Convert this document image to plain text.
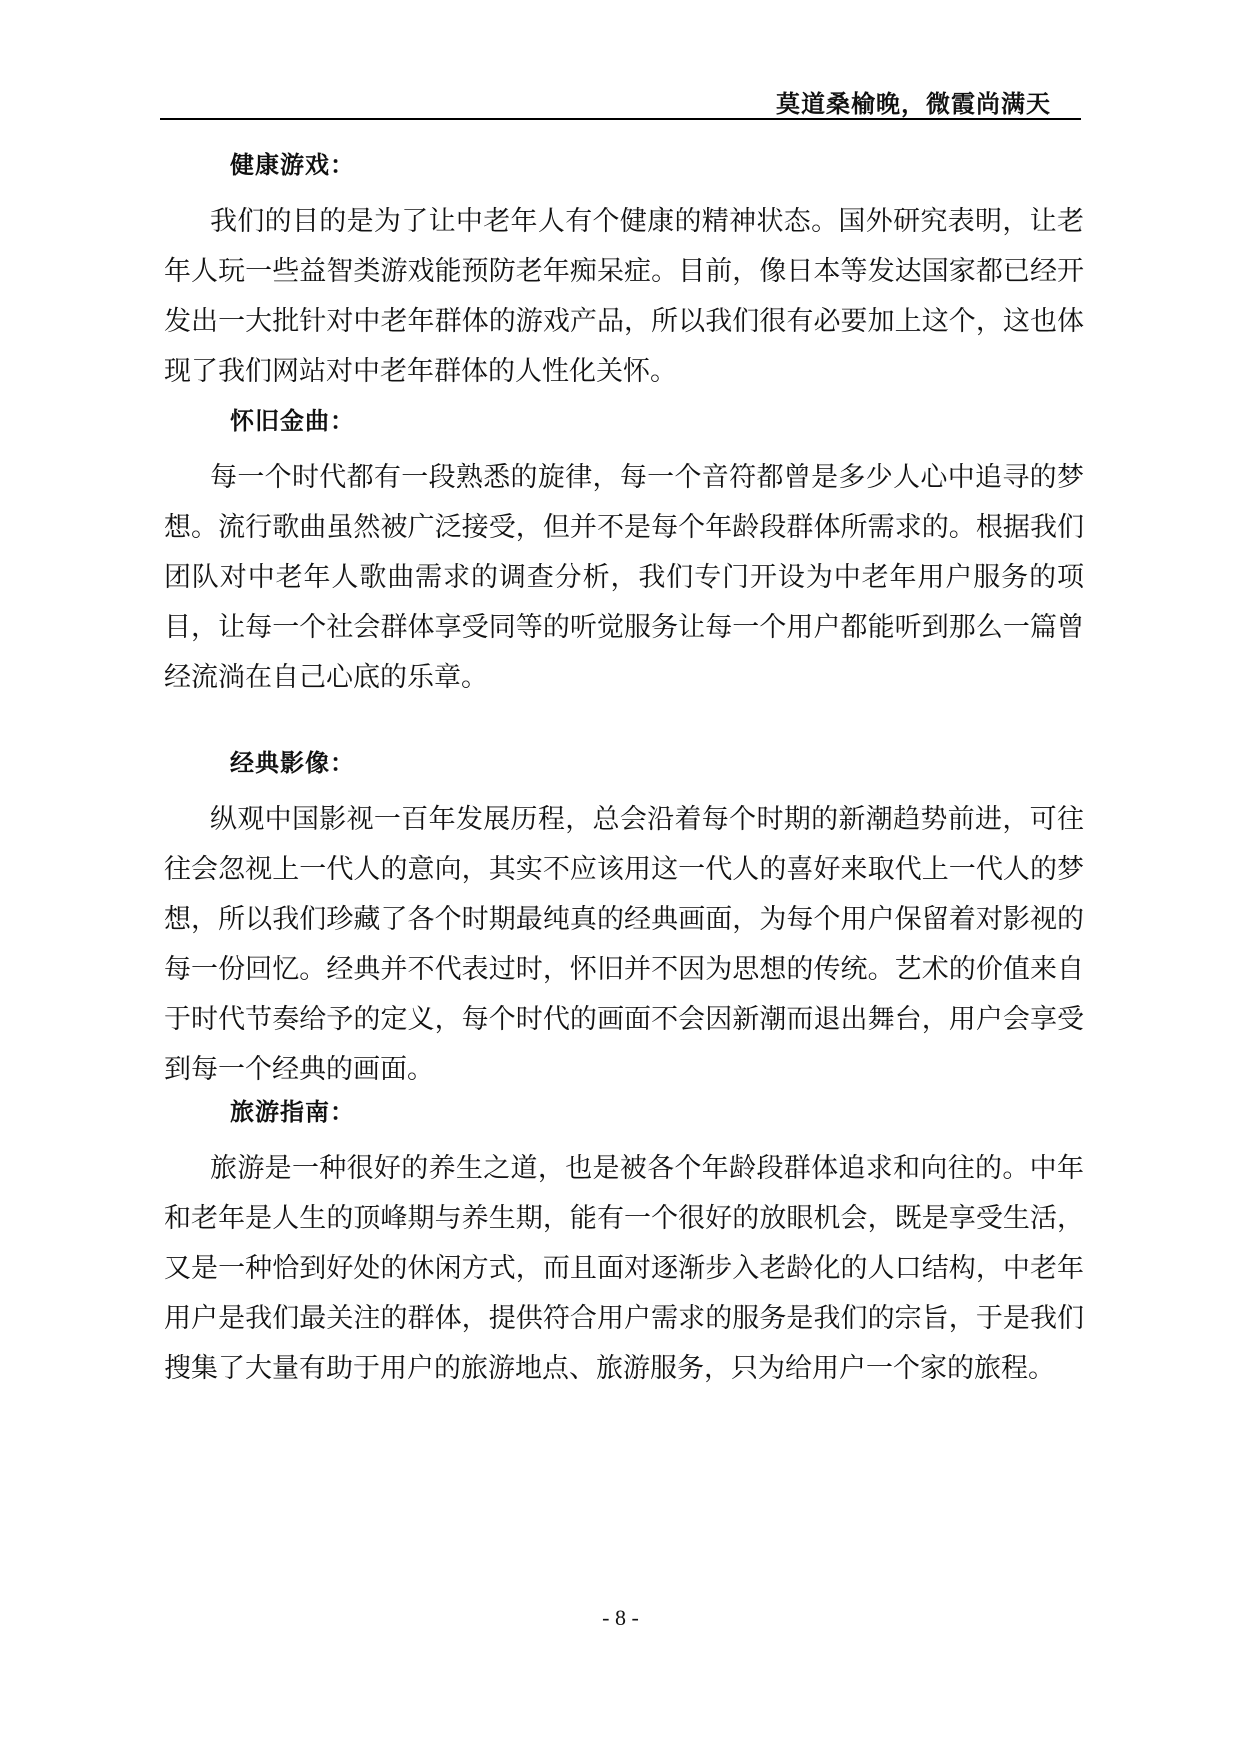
莫道桑榆晚，微霞尚满天
健康游戏：

我们的目的是为了让中老年人有个健康的精神状态。国外研究表明，让老年人玩一些益智类游戏能预防老年痴呆症。目前，像日本等发达国家都已经开发出一大批针对中老年群体的游戏产品，所以我们很有必要加上这个，这也体现了我们网站对中老年群体的人性化关怀。

怀旧金曲：

每一个时代都有一段熟悉的旋律，每一个音符都曾是多少人心中追寻的梦想。流行歌曲虽然被广泛接受，但并不是每个年龄段群体所需求的。根据我们团队对中老年人歌曲需求的调查分析，我们专门开设为中老年用户服务的项目，让每一个社会群体享受同等的听觉服务让每一个用户都能听到那么一篇曾经流淌在自己心底的乐章。

经典影像：

纵观中国影视一百年发展历程，总会沿着每个时期的新潮趋势前进，可往往会忽视上一代人的意向，其实不应该用这一代人的喜好来取代上一代人的梦想，所以我们珍藏了各个时期最纯真的经典画面，为每个用户保留着对影视的每一份回忆。经典并不代表过时，怀旧并不因为思想的传统。艺术的价值来自于时代节奏给予的定义，每个时代的画面不会因新潮而退出舞台，用户会享受到每一个经典的画面。

旅游指南：

旅游是一种很好的养生之道，也是被各个年龄段群体追求和向往的。中年和老年是人生的顶峰期与养生期，能有一个很好的放眼机会，既是享受生活，又是一种恰到好处的休闲方式，而且面对逐渐步入老龄化的人口结构，中老年用户是我们最关注的群体，提供符合用户需求的服务是我们的宗旨，于是我们搜集了大量有助于用户的旅游地点、旅游服务，只为给用户一个家的旅程。

- 8 -
